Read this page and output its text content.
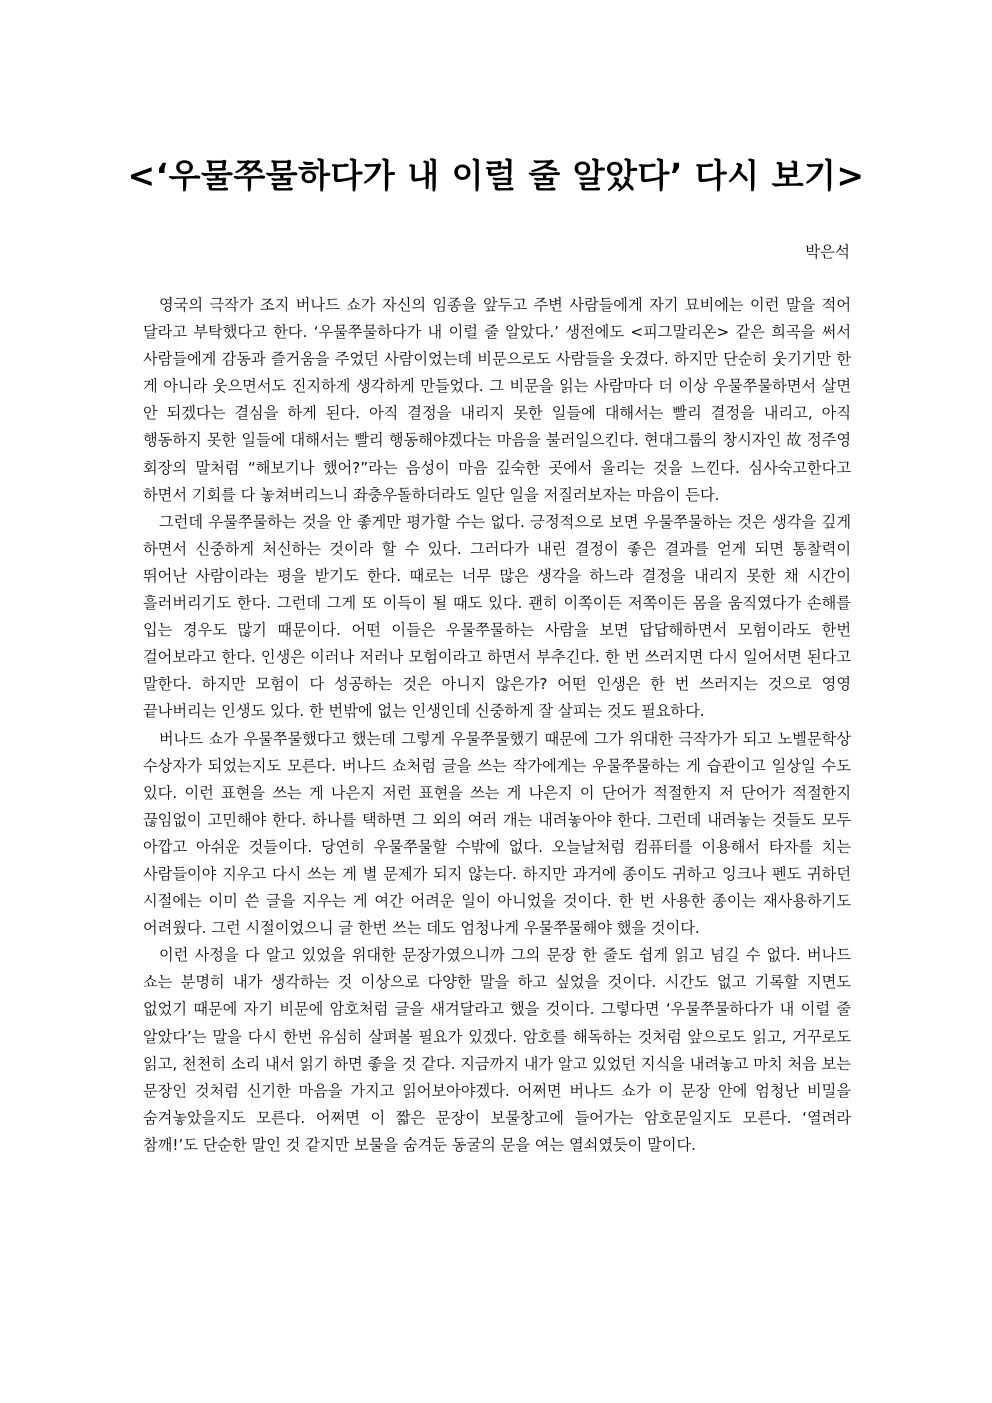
<‘우물쭈물하다가 내 이럴 줄 알았다’ 다시 보기>

박은석

영국의 극작가 조지 버나드 쇼가 자신의 임종을 앞두고 주변 사람들에게 자기 묘비에는 이런 말을 적어 달라고 부탁했다고 한다. ‘우물쭈물하다가 내 이럴 줄 알았다.’ 생전에도 <피그말리온> 같은 희곡을 써서 사람들에게 감동과 즐거움을 주었던 사람이었는데 비문으로도 사람들을 웃겼다. 하지만 단순히 웃기기만 한 게 아니라 웃으면서도 진지하게 생각하게 만들었다. 그 비문을 읽는 사람마다 더 이상 우물쭈물하면서 살면 안 되겠다는 결심을 하게 된다. 아직 결정을 내리지 못한 일들에 대해서는 빨리 결정을 내리고, 아직 행동하지 못한 일들에 대해서는 빨리 행동해야겠다는 마음을 불러일으킨다. 현대그룹의 창시자인 故 정주영 회장의 말처럼 “해보기나 했어?”라는 음성이 마음 깊숙한 곳에서 울리는 것을 느낀다. 심사숙고한다고 하면서 기회를 다 놓쳐버리느니 좌충우돌하더라도 일단 일을 저질러보자는 마음이 든다.

그런데 우물쭈물하는 것을 안 좋게만 평가할 수는 없다. 긍정적으로 보면 우물쭈물하는 것은 생각을 깊게 하면서 신중하게 처신하는 것이라 할 수 있다. 그러다가 내린 결정이 좋은 결과를 얻게 되면 통찰력이 뛰어난 사람이라는 평을 받기도 한다. 때로는 너무 많은 생각을 하느라 결정을 내리지 못한 채 시간이 흘러버리기도 한다. 그런데 그게 또 이득이 될 때도 있다. 괜히 이쪽이든 저쪽이든 몸을 움직였다가 손해를 입는 경우도 많기 때문이다. 어떤 이들은 우물쭈물하는 사람을 보면 답답해하면서 모험이라도 한번 걸어보라고 한다. 인생은 이러나 저러나 모험이라고 하면서 부추긴다. 한 번 쓰러지면 다시 일어서면 된다고 말한다. 하지만 모험이 다 성공하는 것은 아니지 않은가? 어떤 인생은 한 번 쓰러지는 것으로 영영 끝나버리는 인생도 있다. 한 번밖에 없는 인생인데 신중하게 잘 살피는 것도 필요하다.

버나드 쇼가 우물쭈물했다고 했는데 그렇게 우물쭈물했기 때문에 그가 위대한 극작가가 되고 노벨문학상 수상자가 되었는지도 모른다. 버나드 쇼처럼 글을 쓰는 작가에게는 우물쭈물하는 게 습관이고 일상일 수도 있다. 이런 표현을 쓰는 게 나은지 저런 표현을 쓰는 게 나은지 이 단어가 적절한지 저 단어가 적절한지 끊임없이 고민해야 한다. 하나를 택하면 그 외의 여러 개는 내려놓아야 한다. 그런데 내려놓는 것들도 모두 아깝고 아쉬운 것들이다. 당연히 우물쭈물할 수밖에 없다. 오늘날처럼 컴퓨터를 이용해서 타자를 치는 사람들이야 지우고 다시 쓰는 게 별 문제가 되지 않는다. 하지만 과거에 종이도 귀하고 잉크나 펜도 귀하던 시절에는 이미 쓴 글을 지우는 게 여간 어려운 일이 아니었을 것이다. 한 번 사용한 종이는 재사용하기도 어려웠다. 그런 시절이었으니 글 한번 쓰는 데도 엄청나게 우물쭈물해야 했을 것이다.

이런 사정을 다 알고 있었을 위대한 문장가였으니까 그의 문장 한 줄도 쉽게 읽고 넘길 수 없다. 버나드 쇼는 분명히 내가 생각하는 것 이상으로 다양한 말을 하고 싶었을 것이다. 시간도 없고 기록할 지면도 없었기 때문에 자기 비문에 암호처럼 글을 새겨달라고 했을 것이다. 그렇다면 ‘우물쭈물하다가 내 이럴 줄 알았다’는 말을 다시 한번 유심히 살펴볼 필요가 있겠다. 암호를 해독하는 것처럼 앞으로도 읽고, 거꾸로도 읽고, 천천히 소리 내서 읽기 하면 좋을 것 같다. 지금까지 내가 알고 있었던 지식을 내려놓고 마치 처음 보는 문장인 것처럼 신기한 마음을 가지고 읽어보아야겠다. 어쩌면 버나드 쇼가 이 문장 안에 엄청난 비밀을 숨겨놓았을지도 모른다. 어쩌면 이 짧은 문장이 보물창고에 들어가는 암호문일지도 모른다. ‘열려라 참깨!’도 단순한 말인 것 같지만 보물을 숨겨둔 동굴의 문을 여는 열쇠였듯이 말이다.
